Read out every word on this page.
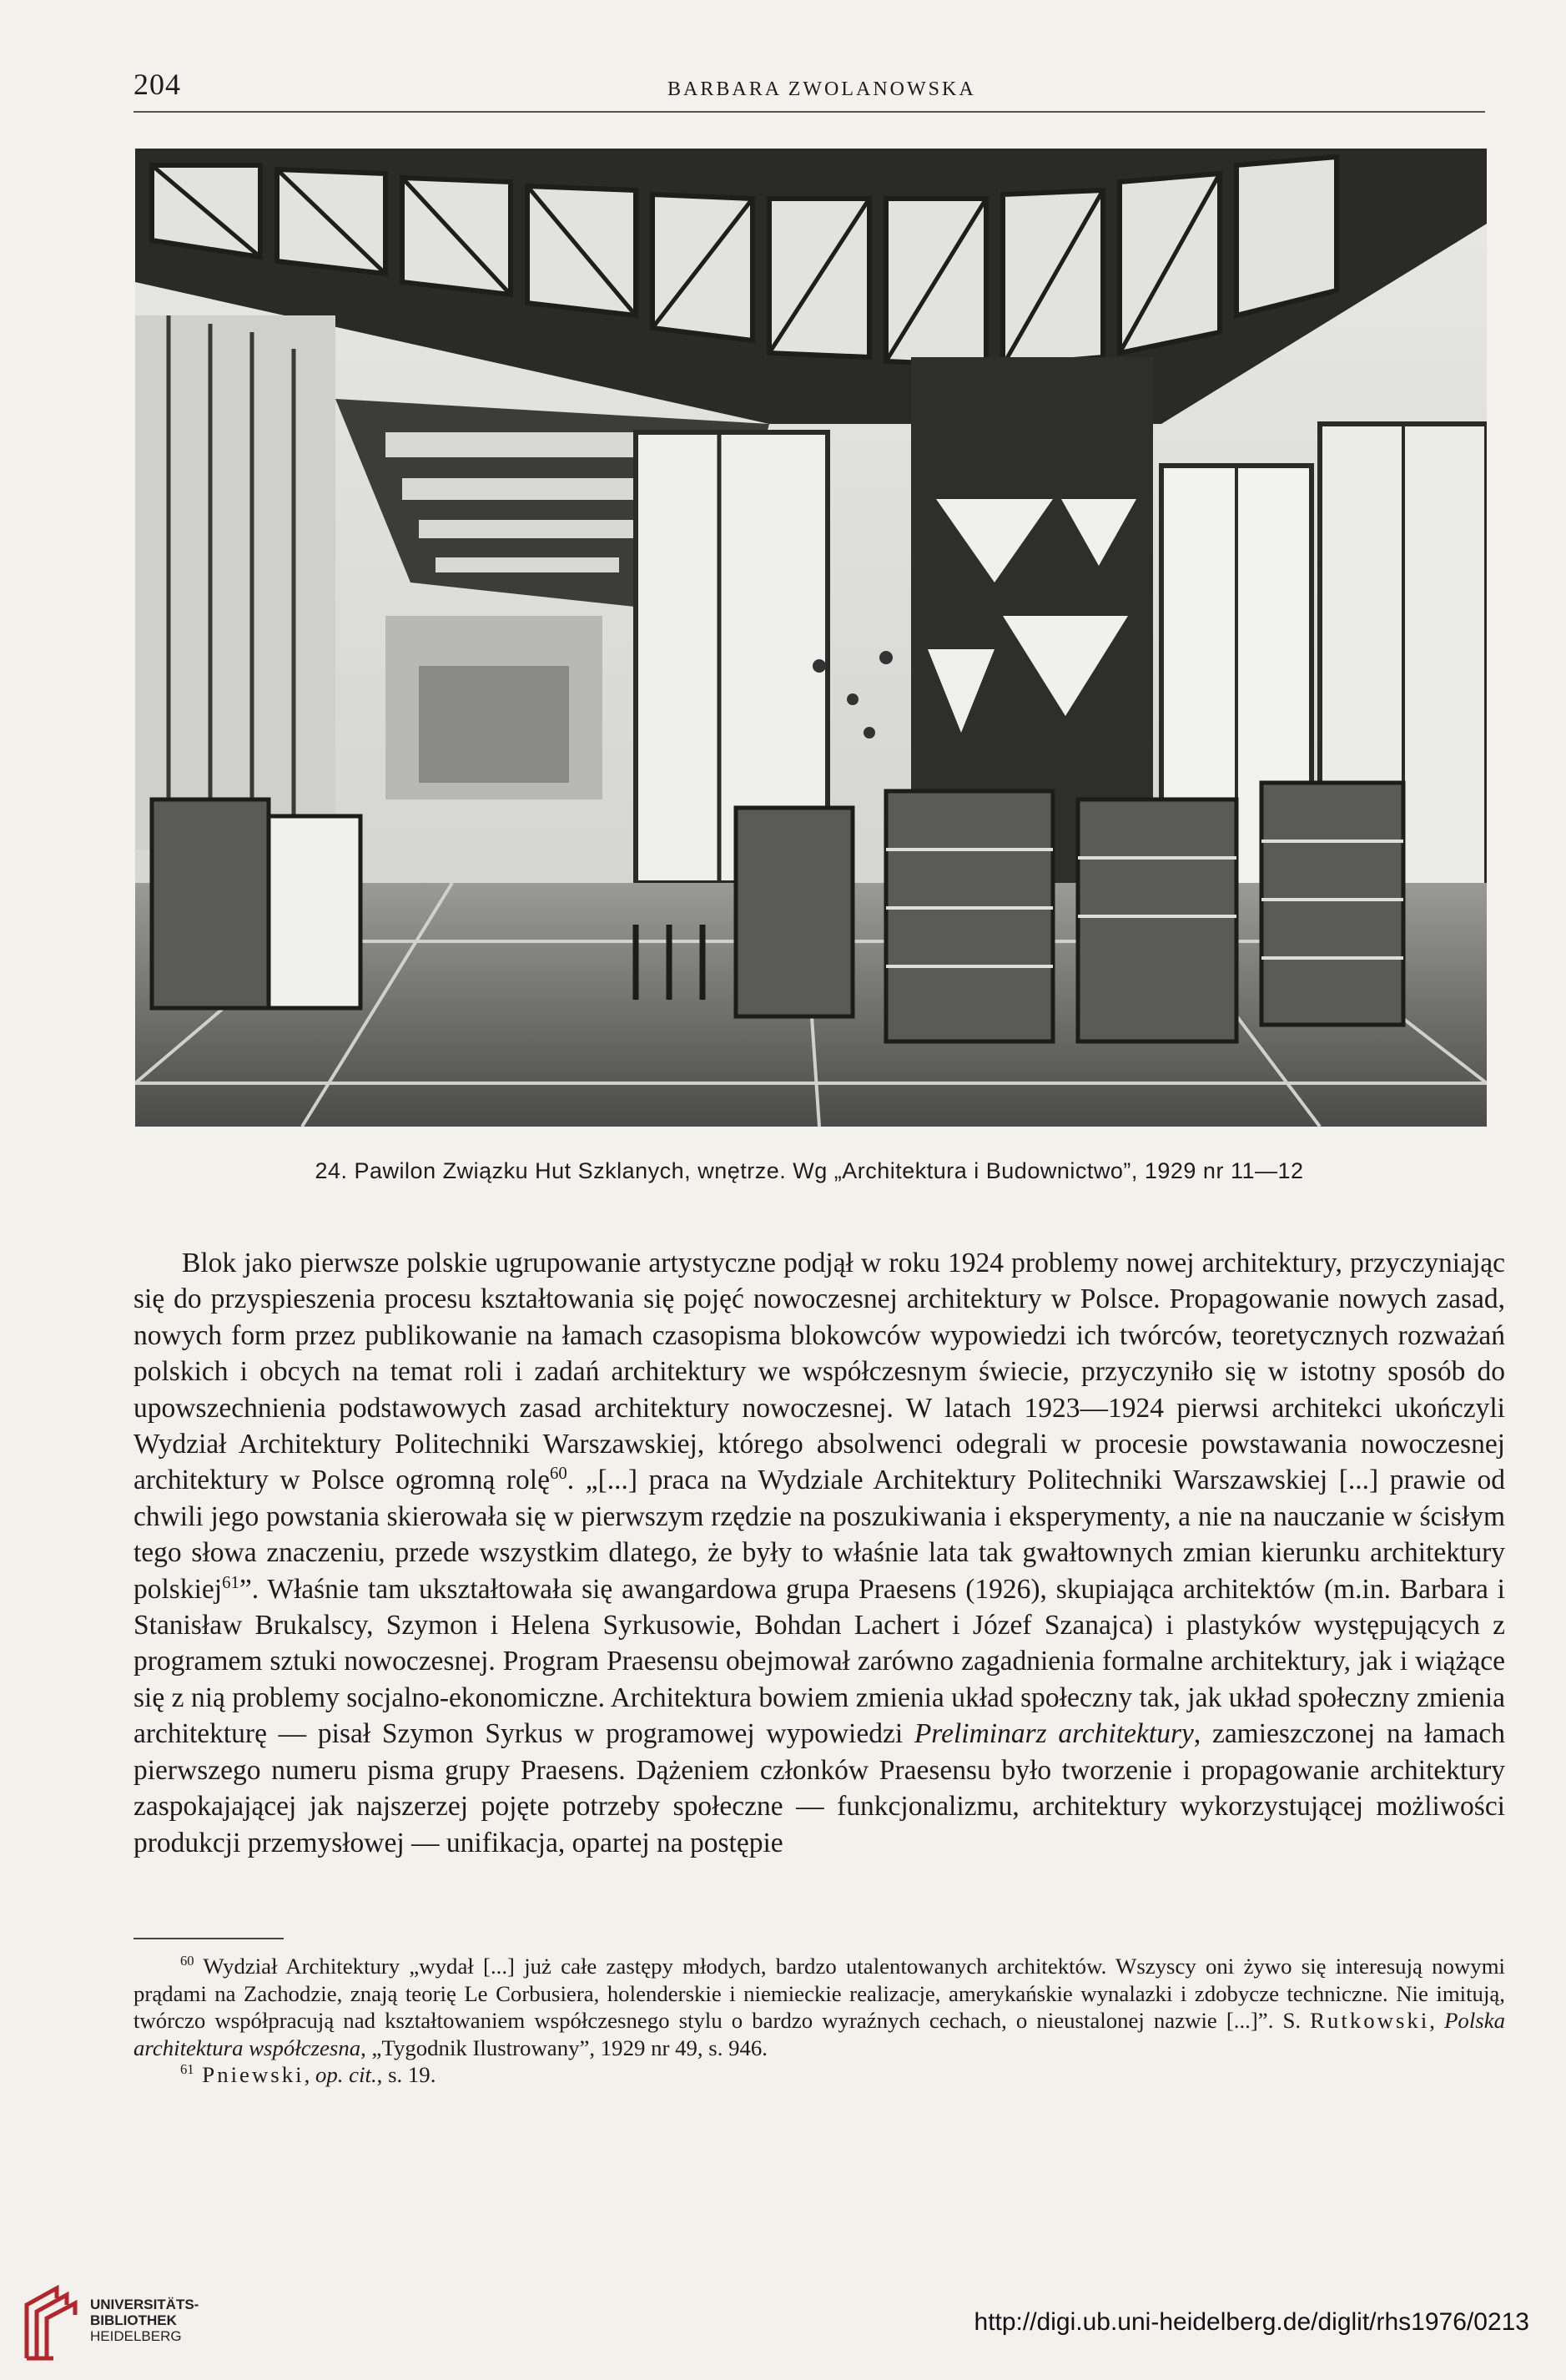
204	BARBARA ZWOLANOWSKA
24. Pawilon Związku Hut Szklanych, wnętrze. Wg „Architektura i Budownictwo”, 1929 nr 11—12

Blok jako pierwsze polskie ugrupowanie artystyczne podjął w roku 1924 problemy nowej architektury, przyczyniając się do przyspieszenia procesu kształtowania się pojęć nowoczesnej architektury w Polsce. Propagowanie nowych zasad, nowych form przez publikowanie na łamach czasopisma blokowców wypowiedzi ich twórców, teoretycznych rozważań polskich i obcych na temat roli i zadań architektury we współczesnym świecie, przyczyniło się w istotny sposób do upowszechnienia podstawowych zasad architektury nowoczesnej. W latach 1923—1924 pierwsi architekci ukończyli Wydział Architektury Politechniki Warszawskiej, którego absolwenci odegrali w procesie powstawania nowoczesnej architektury w Polsce ogromną rolę$^{60}$. „[...] praca na Wydziale Architektury Politechniki Warszawskiej [...] prawie od chwili jego powstania skierowała się w pierwszym rzędzie na poszukiwania i eksperymenty, a nie na nauczanie w ścisłym tego słowa znaczeniu, przede wszystkim dlatego, że były to właśnie lata tak gwałtownych zmian kierunku architektury polskiej$^{61}$”. Właśnie tam ukształtowała się awangardowa grupa Praesens (1926), skupiająca architektów (m.in. Barbara i Stanisław Brukalscy, Szymon i Helena Syrkusowie, Bohdan Lachert i Józef Szanajca) i plastyków występujących z programem sztuki nowoczesnej. Program Praesensu obejmował zarówno zagadnienia formalne architektury, jak i wiążące się z nią problemy socjalno-ekonomiczne. Architektura bowiem zmienia układ społeczny tak, jak układ społeczny zmienia architekturę — pisał Szymon Syrkus w programowej wypowiedzi Preliminarz architektury, zamieszczonej na łamach pierwszego numeru pisma grupy Praesens. Dążeniem członków Praesensu było tworzenie i propagowanie architektury zaspokajającej jak najszerzej pojęte potrzeby społeczne — funkcjonalizmu, architektury wykorzystującej możliwości produkcji przemysłowej — unifikacja, opartej na postępie

$^{60}$ Wydział Architektury „wydał [...] już całe zastępy młodych, bardzo utalentowanych architektów. Wszyscy oni żywo się interesują nowymi prądami na Zachodzie, znają teorię Le Corbusiera, holenderskie i niemieckie realizacje, amerykańskie wynalazki i zdobycze techniczne. Nie imitują, twórczo współpracują nad kształtowaniem współczesnego stylu o bardzo wyraźnych cechach, o nieustalonej nazwie [...]”. S. Rutkowski, Polska architektura współczesna, „Tygodnik Ilustrowany”, 1929 nr 49, s. 946.

$^{61}$ Pniewski, op. cit., s. 19.

UNIVERSITÄTS-
BIBLIOTHEK
HEIDELBERG
http://digi.ub.uni-heidelberg.de/diglit/rhs1976/0213
